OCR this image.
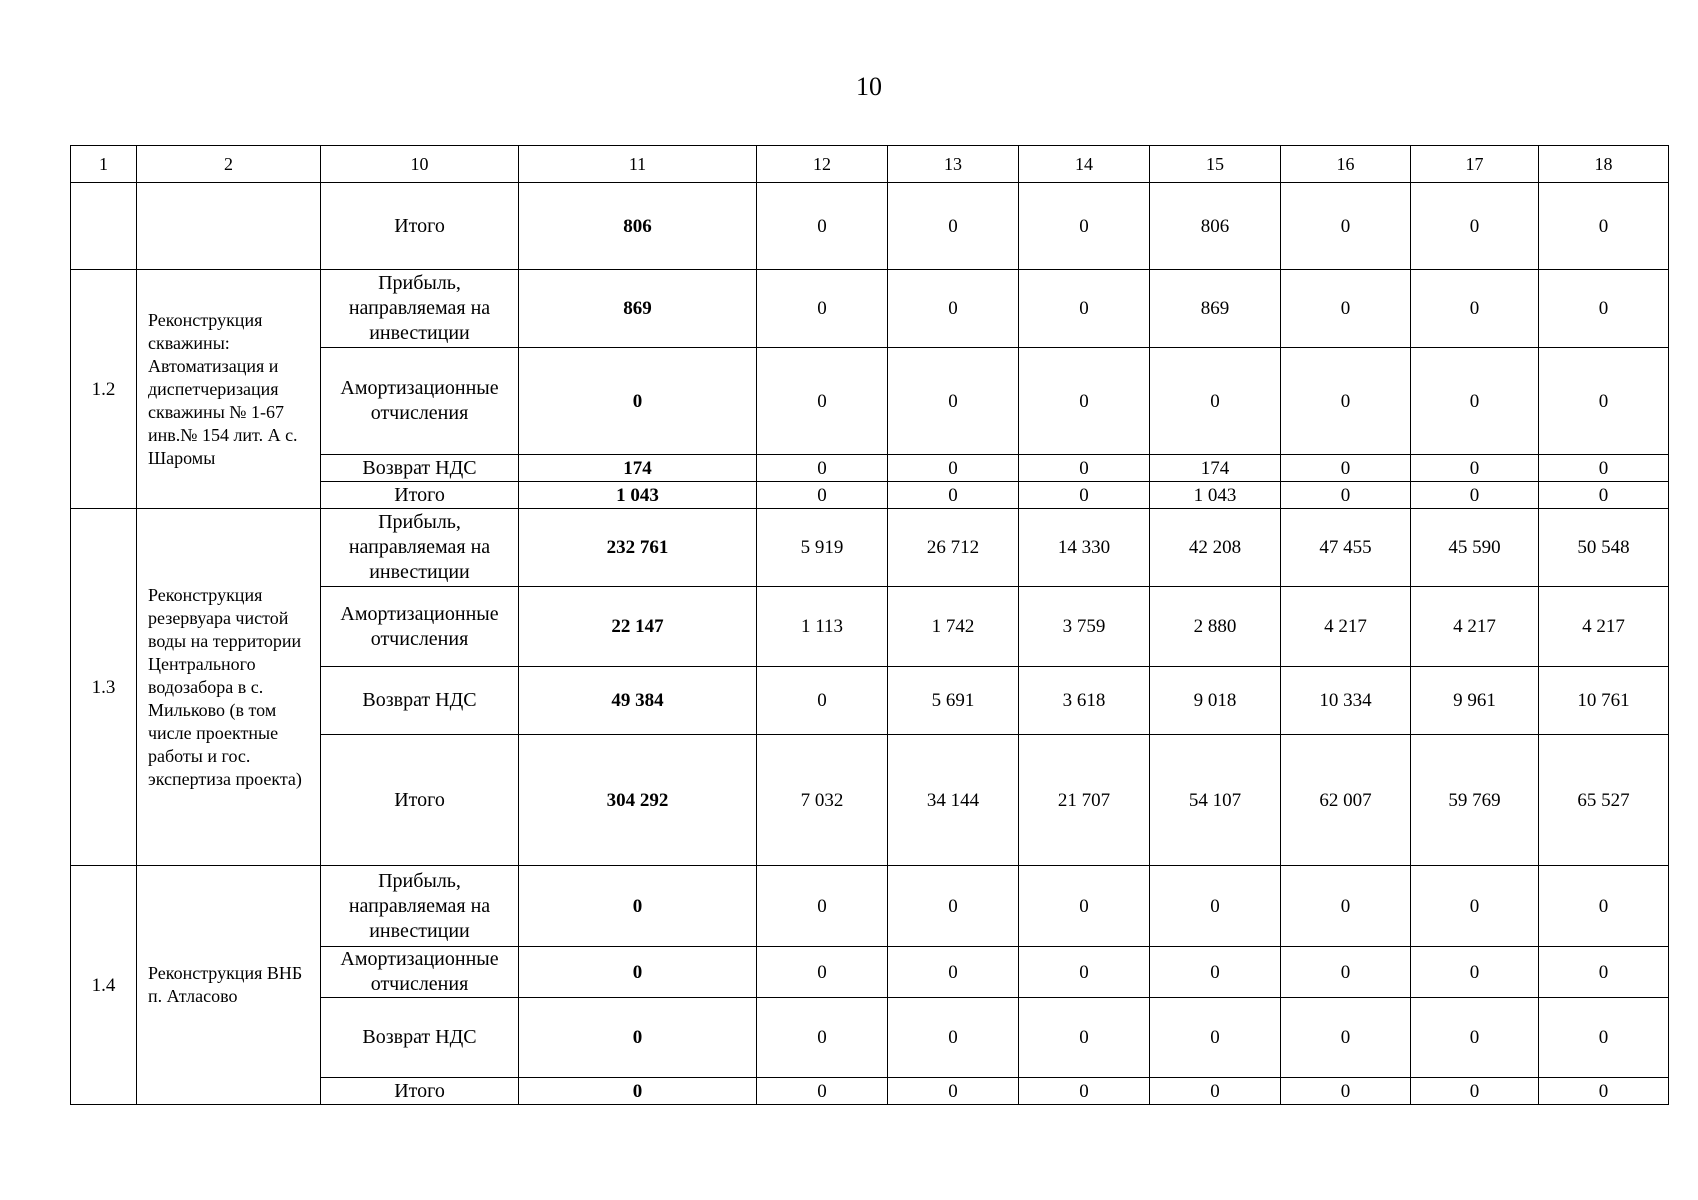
10
1	2	10	11	12	13	14	15	16	17	18
		Итого	806	0	0	0	806	0	0	0
1.2	Реконструкция скважины: Автоматизация и диспетчеризация скважины № 1-67 инв.№ 154 лит. А с. Шаромы	Прибыль, направляемая на инвестиции	869	0	0	0	869	0	0	0
		Амортизационные отчисления	0	0	0	0	0	0	0	0
		Возврат НДС	174	0	0	0	174	0	0	0
		Итого	1 043	0	0	0	1 043	0	0	0
1.3	Реконструкция резервуара чистой воды на территории Центрального водозабора в с. Мильково (в том числе проектные работы и гос. экспертиза проекта)	Прибыль, направляемая на инвестиции	232 761	5 919	26 712	14 330	42 208	47 455	45 590	50 548
		Амортизационные отчисления	22 147	1 113	1 742	3 759	2 880	4 217	4 217	4 217
		Возврат НДС	49 384	0	5 691	3 618	9 018	10 334	9 961	10 761
		Итого	304 292	7 032	34 144	21 707	54 107	62 007	59 769	65 527
1.4	Реконструкция ВНБ п. Атласово	Прибыль, направляемая на инвестиции	0	0	0	0	0	0	0	0
		Амортизационные отчисления	0	0	0	0	0	0	0	0
		Возврат НДС	0	0	0	0	0	0	0	0
		Итого	0	0	0	0	0	0	0	0
